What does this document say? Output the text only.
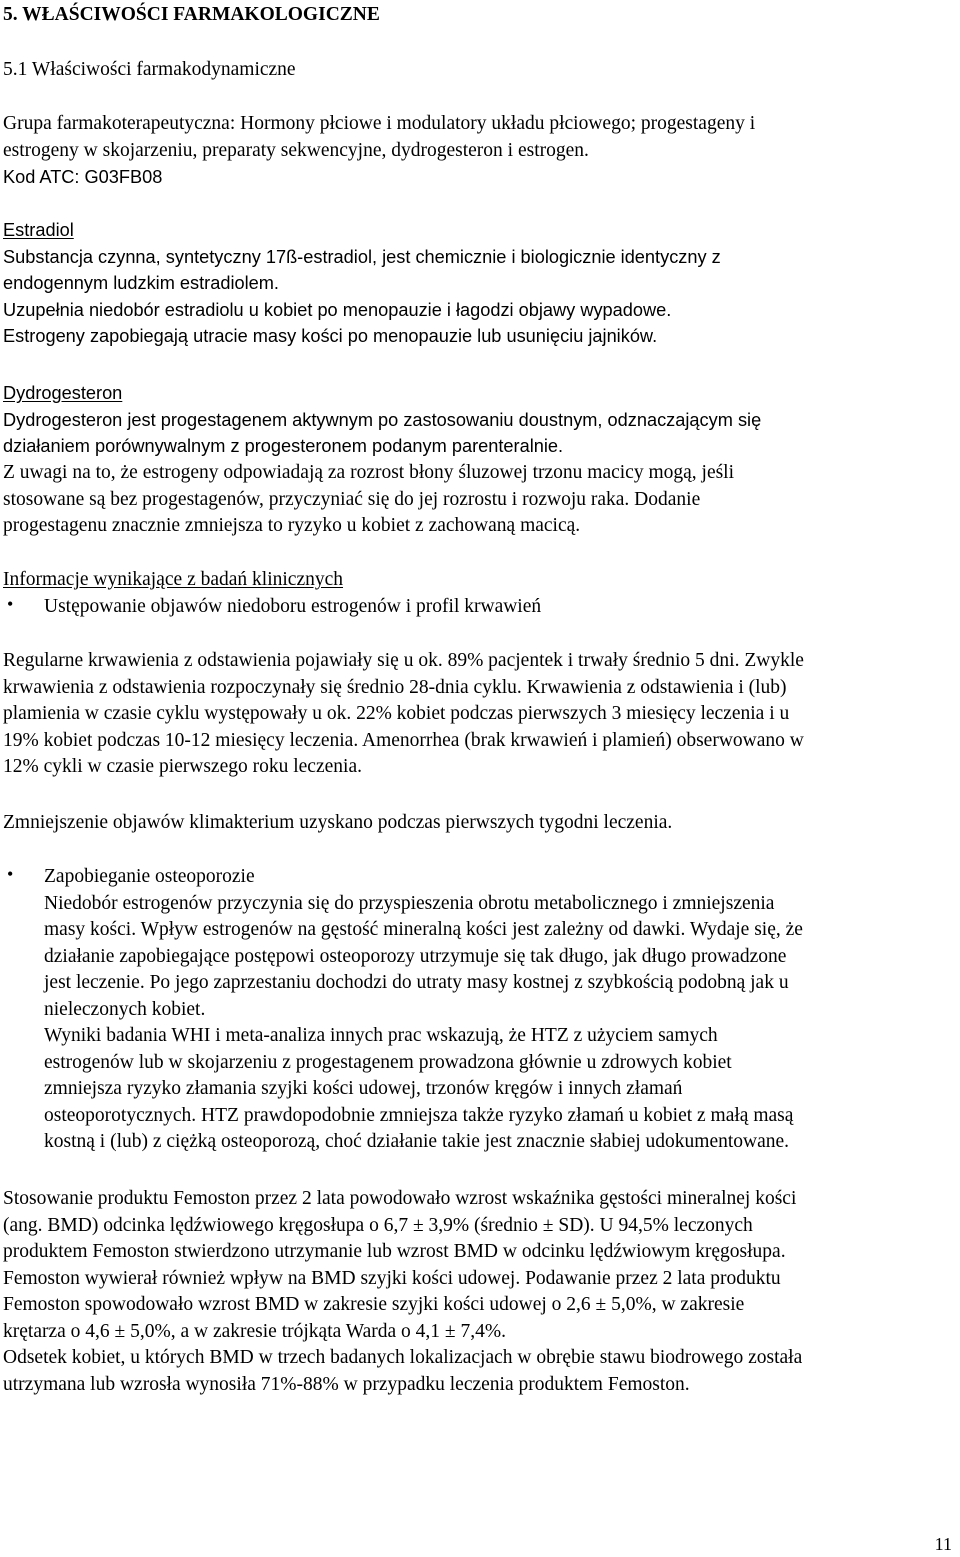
5. WŁAŚCIWOŚCI FARMAKOLOGICZNE
5.1 Właściwości farmakodynamiczne
Grupa farmakoterapeutyczna: Hormony płciowe i modulatory układu płciowego; progestageny i
estrogeny w skojarzeniu, preparaty sekwencyjne, dydrogesteron i estrogen.
Kod ATC: G03FB08
Estradiol
Substancja czynna, syntetyczny 17ß-estradiol, jest chemicznie i biologicznie identyczny z
endogennym ludzkim estradiolem.
Uzupełnia niedobór estradiolu u kobiet po menopauzie i łagodzi objawy wypadowe.
Estrogeny zapobiegają utracie masy kości po menopauzie lub usunięciu jajników.
Dydrogesteron
Dydrogesteron jest progestagenem aktywnym po zastosowaniu doustnym, odznaczającym się
działaniem porównywalnym z progesteronem podanym parenteralnie.
Z uwagi na to, że estrogeny odpowiadają za rozrost błony śluzowej trzonu macicy mogą, jeśli
stosowane są bez progestagenów, przyczyniać się do jej rozrostu i rozwoju raka. Dodanie
progestagenu znacznie zmniejsza to ryzyko u kobiet z zachowaną macicą.
Informacje wynikające z badań klinicznych
• Ustępowanie objawów niedoboru estrogenów i profil krwawień
Regularne krwawienia z odstawienia pojawiały się u ok. 89% pacjentek i trwały średnio 5 dni. Zwykle
krwawienia z odstawienia rozpoczynały się średnio 28-dnia cyklu. Krwawienia z odstawienia i (lub)
plamienia w czasie cyklu występowały u ok. 22% kobiet podczas pierwszych 3 miesięcy leczenia i u
19% kobiet podczas 10-12 miesięcy leczenia. Amenorrhea (brak krwawień i plamień) obserwowano w
12% cykli w czasie pierwszego roku leczenia.
Zmniejszenie objawów klimakterium uzyskano podczas pierwszych tygodni leczenia.
• Zapobieganie osteoporozie
Niedobór estrogenów przyczynia się do przyspieszenia obrotu metabolicznego i zmniejszenia
masy kości. Wpływ estrogenów na gęstość mineralną kości jest zależny od dawki. Wydaje się, że
działanie zapobiegające postępowi osteoporozy utrzymuje się tak długo, jak długo prowadzone
jest leczenie. Po jego zaprzestaniu dochodzi do utraty masy kostnej z szybkością podobną jak u
nieleczonych kobiet.
Wyniki badania WHI i meta-analiza innych prac wskazują, że HTZ z użyciem samych
estrogenów lub w skojarzeniu z progestagenem prowadzona głównie u zdrowych kobiet
zmniejsza ryzyko złamania szyjki kości udowej, trzonów kręgów i innych złamań
osteoporotycznych. HTZ prawdopodobnie zmniejsza także ryzyko złamań u kobiet z małą masą
kostną i (lub) z ciężką osteoporozą, choć działanie takie jest znacznie słabiej udokumentowane.
Stosowanie produktu Femoston przez 2 lata powodowało wzrost wskaźnika gęstości mineralnej kości
(ang. BMD) odcinka lędźwiowego kręgosłupa o 6,7 ± 3,9% (średnio ± SD). U 94,5% leczonych
produktem Femoston stwierdzono utrzymanie lub wzrost BMD w odcinku lędźwiowym kręgosłupa.
Femoston wywierał również wpływ na BMD szyjki kości udowej. Podawanie przez 2 lata produktu
Femoston spowodowało wzrost BMD w zakresie szyjki kości udowej o 2,6 ± 5,0%, w zakresie
krętarza o 4,6 ± 5,0%, a w zakresie trójkąta Warda o 4,1 ± 7,4%.
Odsetek kobiet, u których BMD w trzech badanych lokalizacjach w obrębie stawu biodrowego została
utrzymana lub wzrosła wynosiła 71%-88% w przypadku leczenia produktem Femoston.
11
